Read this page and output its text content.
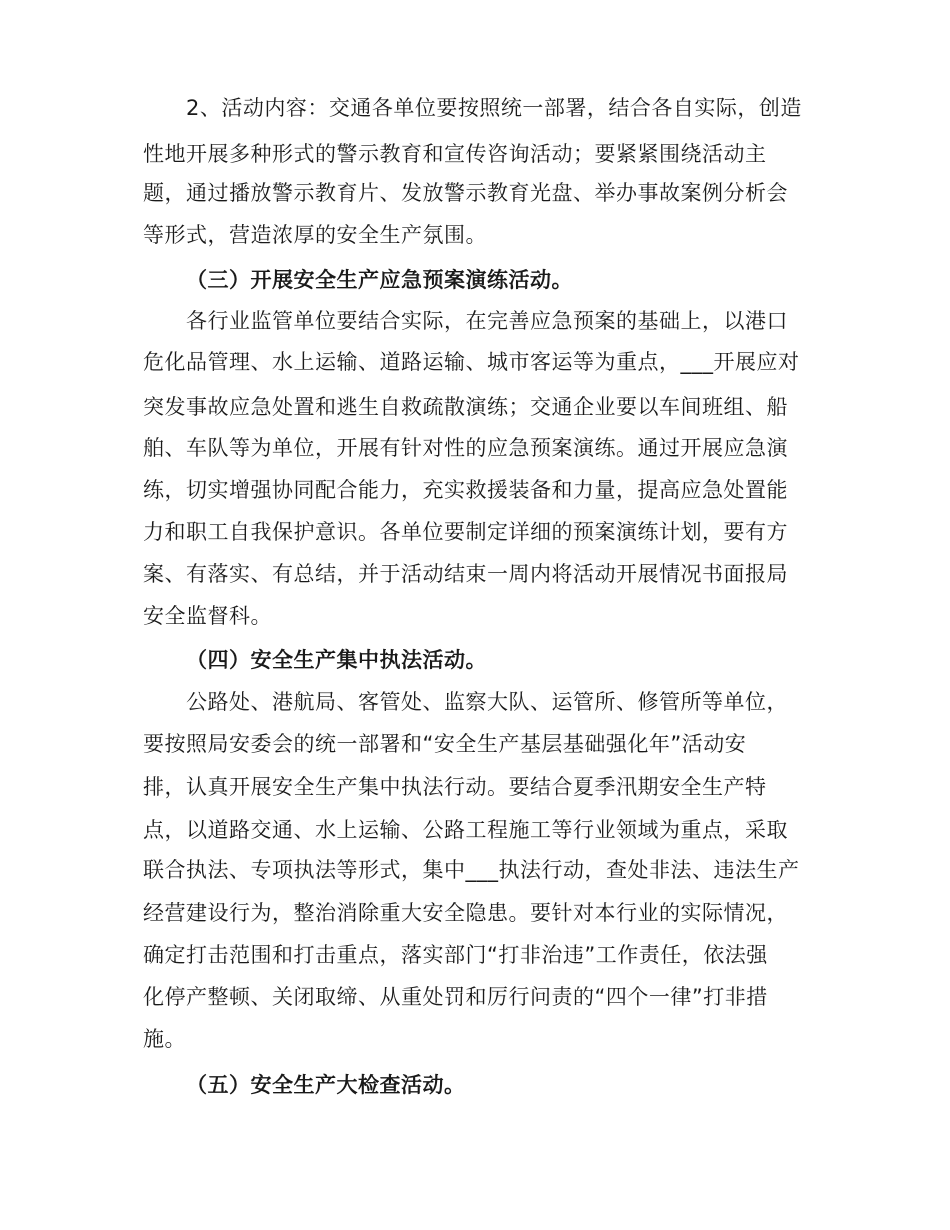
2、活动内容：交通各单位要按照统一部署，结合各自实际，创造
性地开展多种形式的警示教育和宣传咨询活动；要紧紧围绕活动主
题，通过播放警示教育片、发放警示教育光盘、举办事故案例分析会
等形式，营造浓厚的安全生产氛围。
（三）开展安全生产应急预案演练活动。
各行业监管单位要结合实际，在完善应急预案的基础上，以港口
危化品管理、水上运输、道路运输、城市客运等为重点，___开展应对
突发事故应急处置和逃生自救疏散演练；交通企业要以车间班组、船
舶、车队等为单位，开展有针对性的应急预案演练。通过开展应急演
练，切实增强协同配合能力，充实救援装备和力量，提高应急处置能
力和职工自我保护意识。各单位要制定详细的预案演练计划，要有方
案、有落实、有总结，并于活动结束一周内将活动开展情况书面报局
安全监督科。
（四）安全生产集中执法活动。
公路处、港航局、客管处、监察大队、运管所、修管所等单位，
要按照局安委会的统一部署和“安全生产基层基础强化年”活动安
排，认真开展安全生产集中执法行动。要结合夏季汛期安全生产特
点，以道路交通、水上运输、公路工程施工等行业领域为重点，采取
联合执法、专项执法等形式，集中___执法行动，查处非法、违法生产
经营建设行为，整治消除重大安全隐患。要针对本行业的实际情况，
确定打击范围和打击重点，落实部门“打非治违”工作责任，依法强
化停产整顿、关闭取缔、从重处罚和厉行问责的“四个一律”打非措
施。
（五）安全生产大检查活动。
